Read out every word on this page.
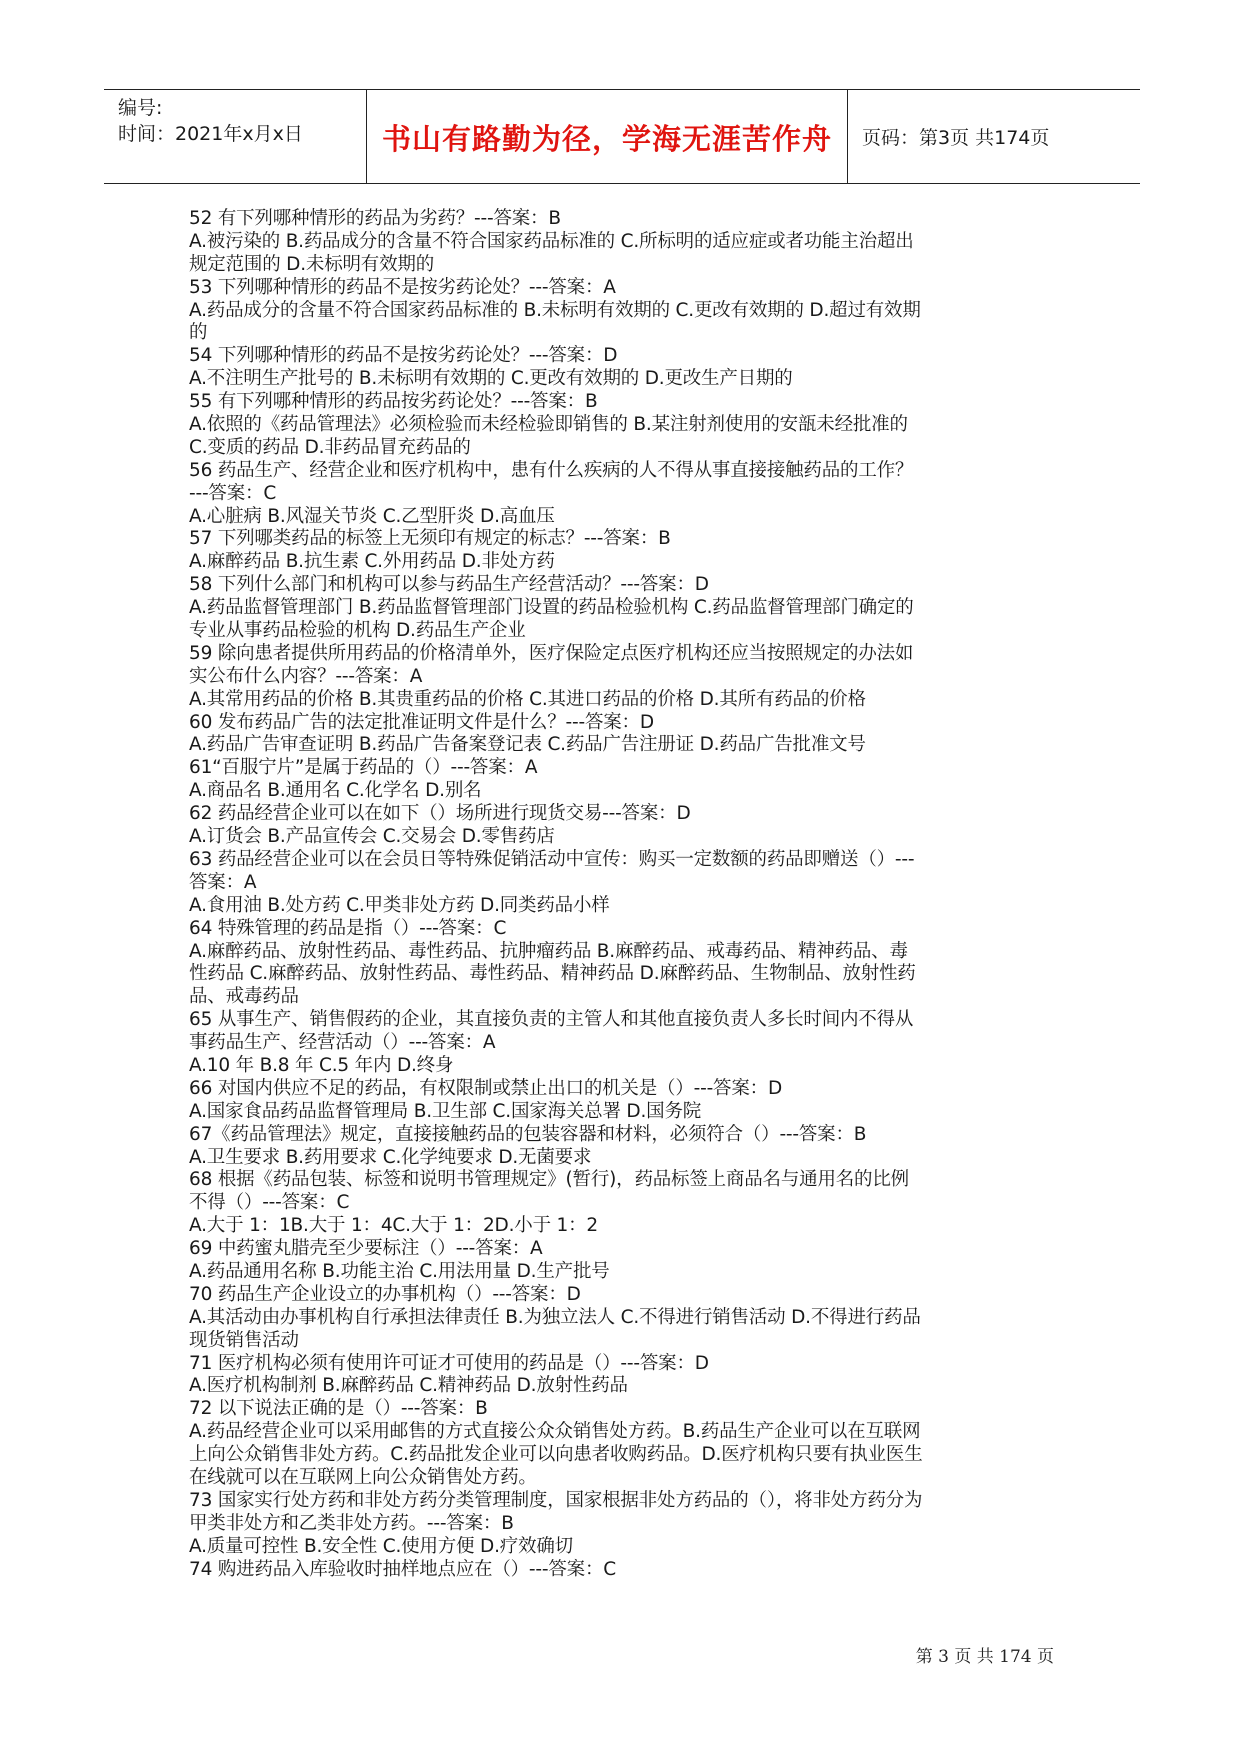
编号:
时间：2021年x月x日	书山有路勤为径，学海无涯苦作舟	页码：第3页 共174页
52 有下列哪种情形的药品为劣药？---答案：B
A.被污染的 B.药品成分的含量不符合国家药品标准的 C.所标明的适应症或者功能主治超出
规定范围的 D.未标明有效期的
53 下列哪种情形的药品不是按劣药论处？---答案：A
A.药品成分的含量不符合国家药品标准的 B.未标明有效期的 C.更改有效期的 D.超过有效期
的
54 下列哪种情形的药品不是按劣药论处？---答案：D
A.不注明生产批号的 B.未标明有效期的 C.更改有效期的 D.更改生产日期的
55 有下列哪种情形的药品按劣药论处？---答案：B
A.依照的《药品管理法》必须检验而未经检验即销售的 B.某注射剂使用的安瓿未经批准的
C.变质的药品 D.非药品冒充药品的
56 药品生产、经营企业和医疗机构中，患有什么疾病的人不得从事直接接触药品的工作？
---答案：C
A.心脏病 B.风湿关节炎 C.乙型肝炎 D.高血压
57 下列哪类药品的标签上无须印有规定的标志？---答案：B
A.麻醉药品 B.抗生素 C.外用药品 D.非处方药
58 下列什么部门和机构可以参与药品生产经营活动？---答案：D
A.药品监督管理部门 B.药品监督管理部门设置的药品检验机构 C.药品监督管理部门确定的
专业从事药品检验的机构 D.药品生产企业
59 除向患者提供所用药品的价格清单外，医疗保险定点医疗机构还应当按照规定的办法如
实公布什么内容？---答案：A
A.其常用药品的价格 B.其贵重药品的价格 C.其进口药品的价格 D.其所有药品的价格
60 发布药品广告的法定批准证明文件是什么？---答案：D
A.药品广告审查证明 B.药品广告备案登记表 C.药品广告注册证 D.药品广告批准文号
61“百服宁片”是属于药品的（）---答案：A
A.商品名 B.通用名 C.化学名 D.别名
62 药品经营企业可以在如下（）场所进行现货交易---答案：D
A.订货会 B.产品宣传会 C.交易会 D.零售药店
63 药品经营企业可以在会员日等特殊促销活动中宣传：购买一定数额的药品即赠送（）---
答案：A
A.食用油 B.处方药 C.甲类非处方药 D.同类药品小样
64 特殊管理的药品是指（）---答案：C
A.麻醉药品、放射性药品、毒性药品、抗肿瘤药品 B.麻醉药品、戒毒药品、精神药品、毒
性药品 C.麻醉药品、放射性药品、毒性药品、精神药品 D.麻醉药品、生物制品、放射性药
品、戒毒药品
65 从事生产、销售假药的企业，其直接负责的主管人和其他直接负责人多长时间内不得从
事药品生产、经营活动（）---答案：A
A.10 年 B.8 年 C.5 年内 D.终身
66 对国内供应不足的药品，有权限制或禁止出口的机关是（）---答案：D
A.国家食品药品监督管理局 B.卫生部 C.国家海关总署 D.国务院
67《药品管理法》规定，直接接触药品的包装容器和材料，必须符合（）---答案：B
A.卫生要求 B.药用要求 C.化学纯要求 D.无菌要求
68 根据《药品包装、标签和说明书管理规定》(暂行)，药品标签上商品名与通用名的比例
不得（）---答案：C
A.大于 1：1B.大于 1：4C.大于 1：2D.小于 1：2
69 中药蜜丸腊壳至少要标注（）---答案：A
A.药品通用名称 B.功能主治 C.用法用量 D.生产批号
70 药品生产企业设立的办事机构（）---答案：D
A.其活动由办事机构自行承担法律责任 B.为独立法人 C.不得进行销售活动 D.不得进行药品
现货销售活动
71 医疗机构必须有使用许可证才可使用的药品是（）---答案：D
A.医疗机构制剂 B.麻醉药品 C.精神药品 D.放射性药品
72 以下说法正确的是（）---答案：B
A.药品经营企业可以采用邮售的方式直接公众众销售处方药。B.药品生产企业可以在互联网
上向公众销售非处方药。C.药品批发企业可以向患者收购药品。D.医疗机构只要有执业医生
在线就可以在互联网上向公众销售处方药。
73 国家实行处方药和非处方药分类管理制度，国家根据非处方药品的（），将非处方药分为
甲类非处方和乙类非处方药。---答案：B
A.质量可控性 B.安全性 C.使用方便 D.疗效确切
74 购进药品入库验收时抽样地点应在（）---答案：C
第 3 页 共 174 页
